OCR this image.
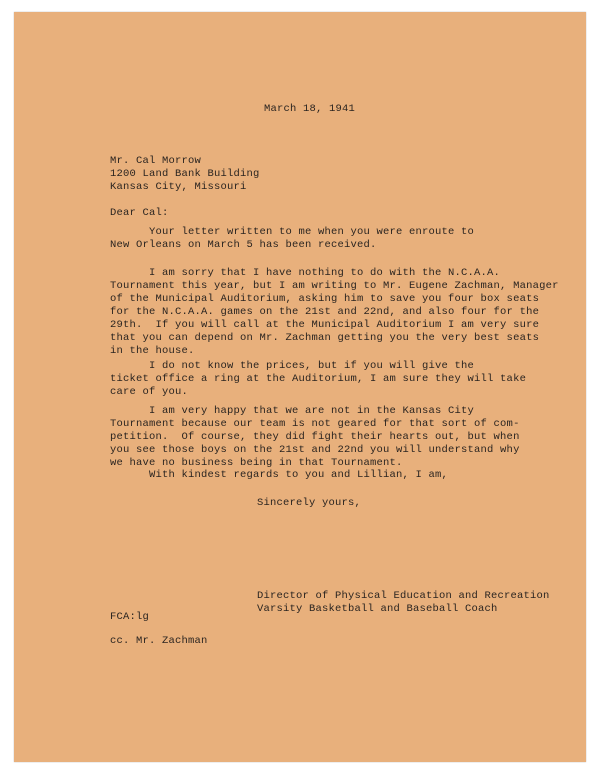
March 18, 1941

Mr. Cal Morrow

1200 Land Bank Building

Kansas City, Missouri

Dear Cal:

Your letter written to me when you were enroute to

New Orleans on March 5 has been received.

I am sorry that I have nothing to do with the N.C.A.A.

Tournament this year, but I am writing to Mr. Eugene Zachman, Manager

of the Municipal Auditorium, asking him to save you four box seats

for the N.C.A.A. games on the 21st and 22nd, and also four for the

29th.  If you will call at the Municipal Auditorium I am very sure

that you can depend on Mr. Zachman getting you the very best seats

in the house.

I do not know the prices, but if you will give the

ticket office a ring at the Auditorium, I am sure they will take

care of you.

I am very happy that we are not in the Kansas City

Tournament because our team is not geared for that sort of com-

petition.  Of course, they did fight their hearts out, but when

you see those boys on the 21st and 22nd you will understand why

we have no business being in that Tournament.

With kindest regards to you and Lillian, I am,

Sincerely yours,

Director of Physical Education and Recreation

Varsity Basketball and Baseball Coach

FCA:lg

cc. Mr. Zachman
